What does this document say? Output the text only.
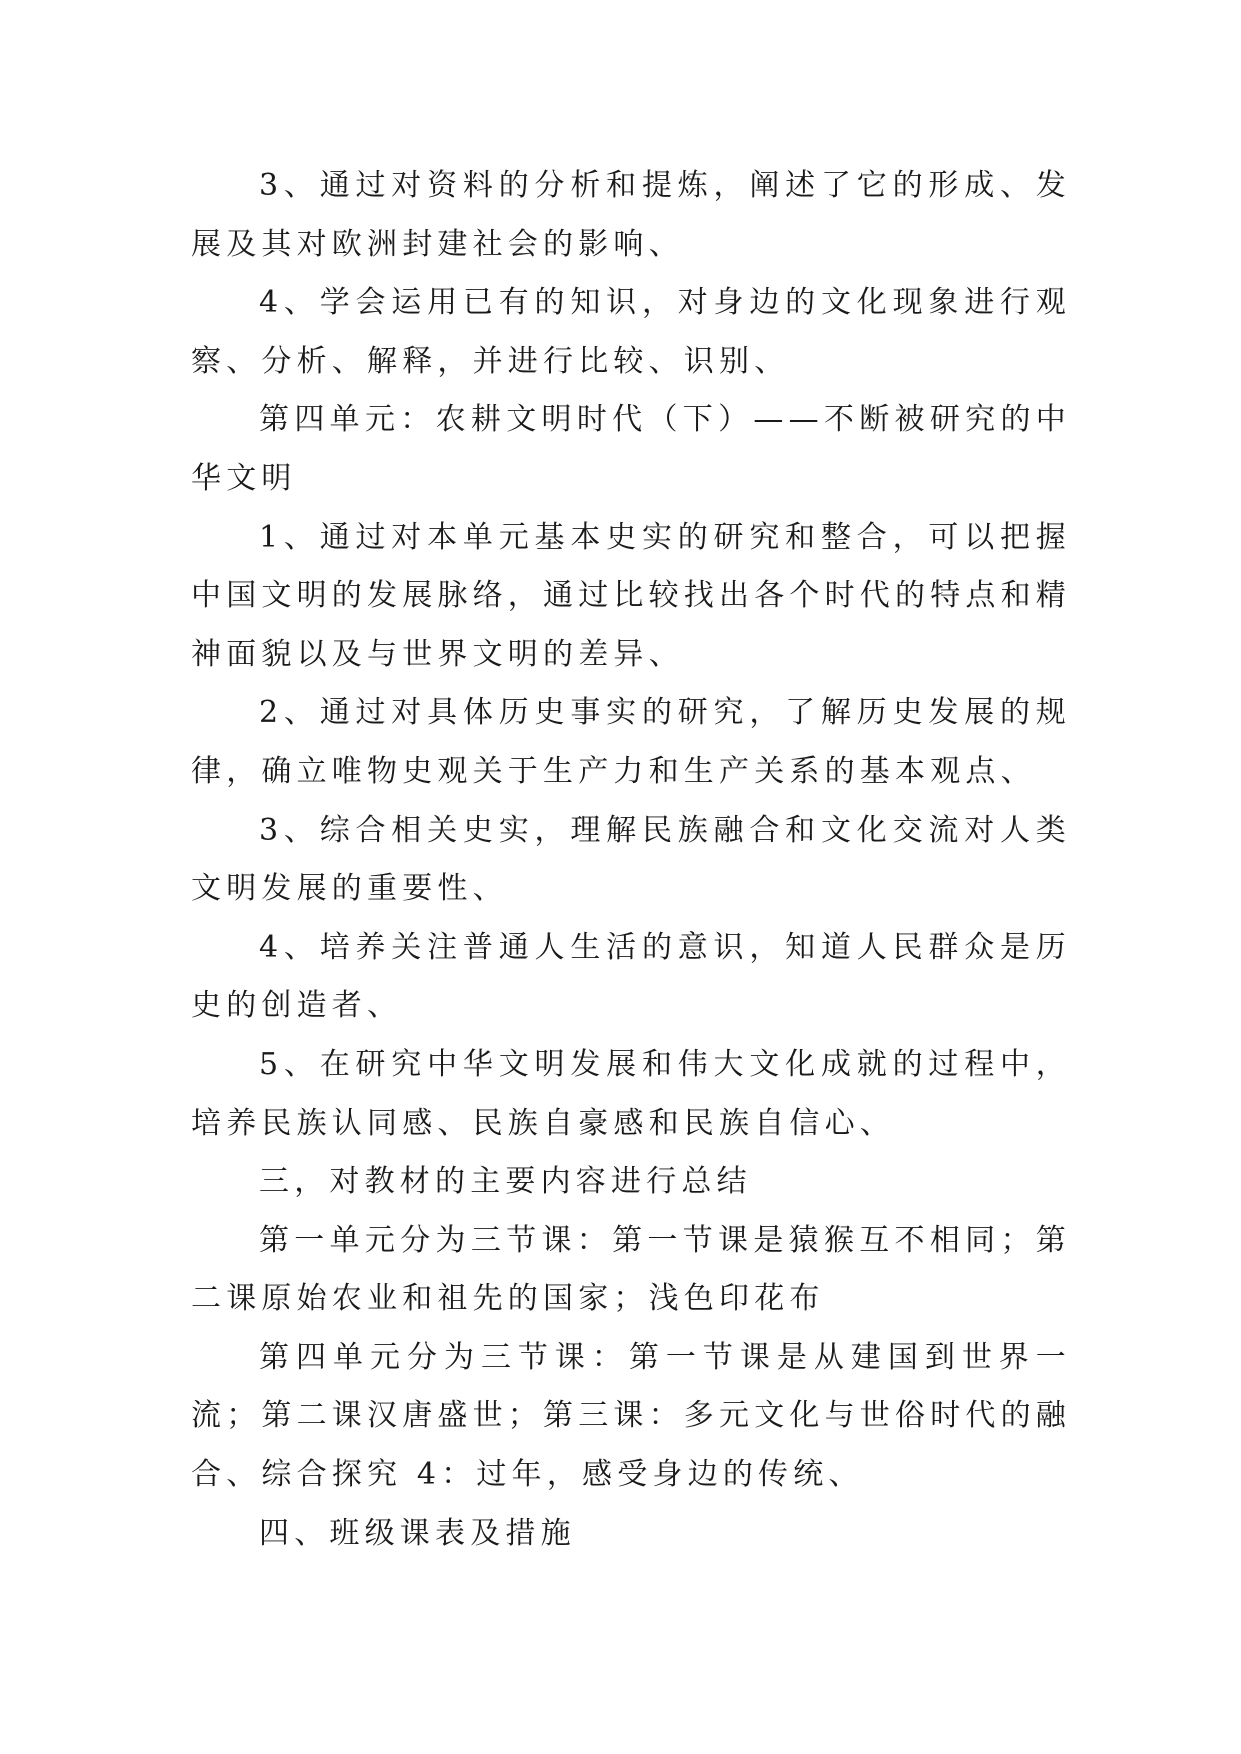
3、通过对资料的分析和提炼，阐述了它的形成、发展及其对欧洲封建社会的影响、

4、学会运用已有的知识，对身边的文化现象进行观察、分析、解释，并进行比较、识别、

第四单元：农耕文明时代（下）——不断被研究的中华文明

1、通过对本单元基本史实的研究和整合，可以把握中国文明的发展脉络，通过比较找出各个时代的特点和精神面貌以及与世界文明的差异、

2、通过对具体历史事实的研究，了解历史发展的规律，确立唯物史观关于生产力和生产关系的基本观点、

3、综合相关史实，理解民族融合和文化交流对人类文明发展的重要性、

4、培养关注普通人生活的意识，知道人民群众是历史的创造者、

5、在研究中华文明发展和伟大文化成就的过程中，培养民族认同感、民族自豪感和民族自信心、

三，对教材的主要内容进行总结

第一单元分为三节课：第一节课是猿猴互不相同；第二课原始农业和祖先的国家；浅色印花布

第四单元分为三节课：第一节课是从建国到世界一流；第二课汉唐盛世；第三课：多元文化与世俗时代的融合、综合探究 4：过年，感受身边的传统、

四、班级课表及措施
